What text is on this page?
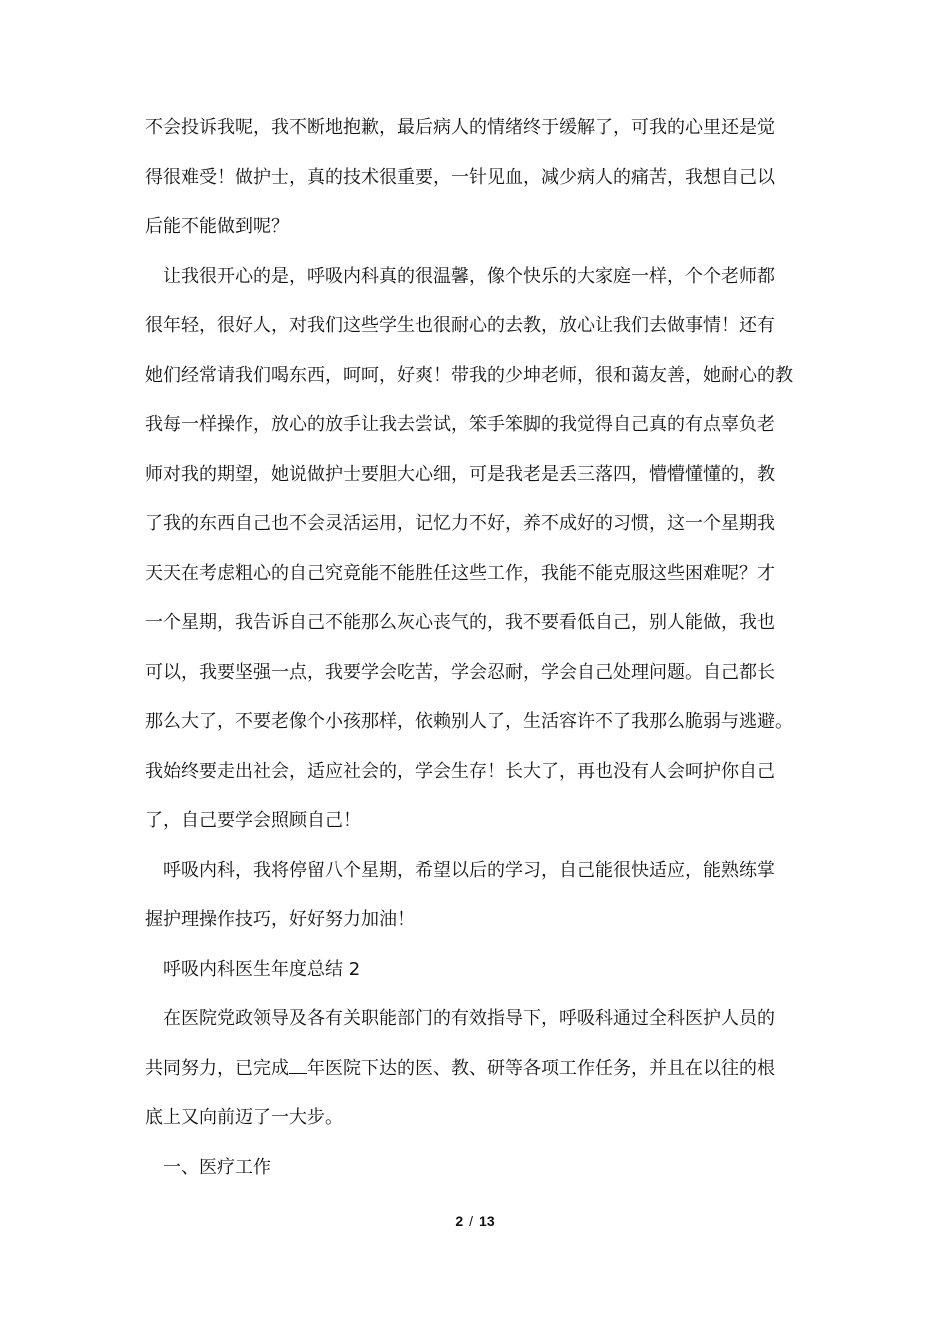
不会投诉我呢，我不断地抱歉，最后病人的情绪终于缓解了，可我的心里还是觉
得很难受！做护士，真的技术很重要，一针见血，减少病人的痛苦，我想自己以
后能不能做到呢？

让我很开心的是，呼吸内科真的很温馨，像个快乐的大家庭一样，个个老师都
很年轻，很好人，对我们这些学生也很耐心的去教，放心让我们去做事情！还有
她们经常请我们喝东西，呵呵，好爽！带我的少坤老师，很和蔼友善，她耐心的教
我每一样操作，放心的放手让我去尝试，笨手笨脚的我觉得自己真的有点辜负老
师对我的期望，她说做护士要胆大心细，可是我老是丢三落四，懵懵懂懂的，教
了我的东西自己也不会灵活运用，记忆力不好，养不成好的习惯，这一个星期我
天天在考虑粗心的自己究竟能不能胜任这些工作，我能不能克服这些困难呢？才
一个星期，我告诉自己不能那么灰心丧气的，我不要看低自己，别人能做，我也
可以，我要坚强一点，我要学会吃苦，学会忍耐，学会自己处理问题。自己都长
那么大了，不要老像个小孩那样，依赖别人了，生活容许不了我那么脆弱与逃避。
我始终要走出社会，适应社会的，学会生存！长大了，再也没有人会呵护你自己
了，自己要学会照顾自己！

呼吸内科，我将停留八个星期，希望以后的学习，自己能很快适应，能熟练掌
握护理操作技巧，好好努力加油！

呼吸内科医生年度总结 2

在医院党政领导及各有关职能部门的有效指导下，呼吸科通过全科医护人员的
共同努力，已完成 年医院下达的医、教、研等各项工作任务，并且在以往的根
底上又向前迈了一大步。

一、医疗工作

2 / 13
